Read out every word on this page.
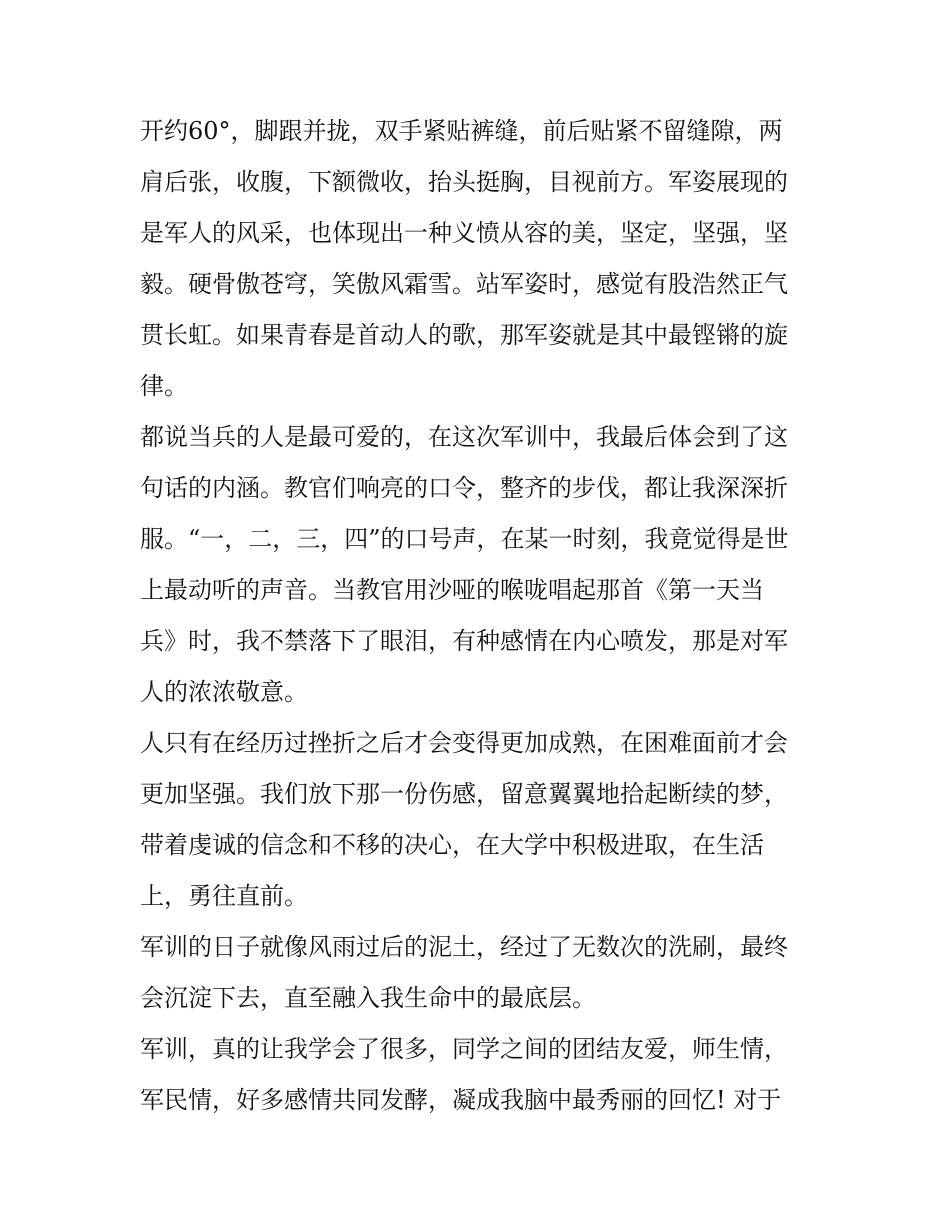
开约60°，脚跟并拢，双手紧贴裤缝，前后贴紧不留缝隙，两
肩后张，收腹，下额微收，抬头挺胸，目视前方。军姿展现的
是军人的风采，也体现出一种义愤从容的美，坚定，坚强，坚
毅。硬骨傲苍穹，笑傲风霜雪。站军姿时，感觉有股浩然正气
贯长虹。如果青春是首动人的歌，那军姿就是其中最铿锵的旋
律。

都说当兵的人是最可爱的，在这次军训中，我最后体会到了这
句话的内涵。教官们响亮的口令，整齐的步伐，都让我深深折
服。“一，二，三，四”的口号声，在某一时刻，我竟觉得是世
上最动听的声音。当教官用沙哑的喉咙唱起那首《第一天当
兵》时，我不禁落下了眼泪，有种感情在内心喷发，那是对军
人的浓浓敬意。

人只有在经历过挫折之后才会变得更加成熟，在困难面前才会
更加坚强。我们放下那一份伤感，留意翼翼地拾起断续的梦，
带着虔诚的信念和不移的决心，在大学中积极进取，在生活
上，勇往直前。

军训的日子就像风雨过后的泥土，经过了无数次的洗刷，最终
会沉淀下去，直至融入我生命中的最底层。

军训，真的让我学会了很多，同学之间的团结友爱，师生情，
军民情，好多感情共同发酵，凝成我脑中最秀丽的回忆! 对于
